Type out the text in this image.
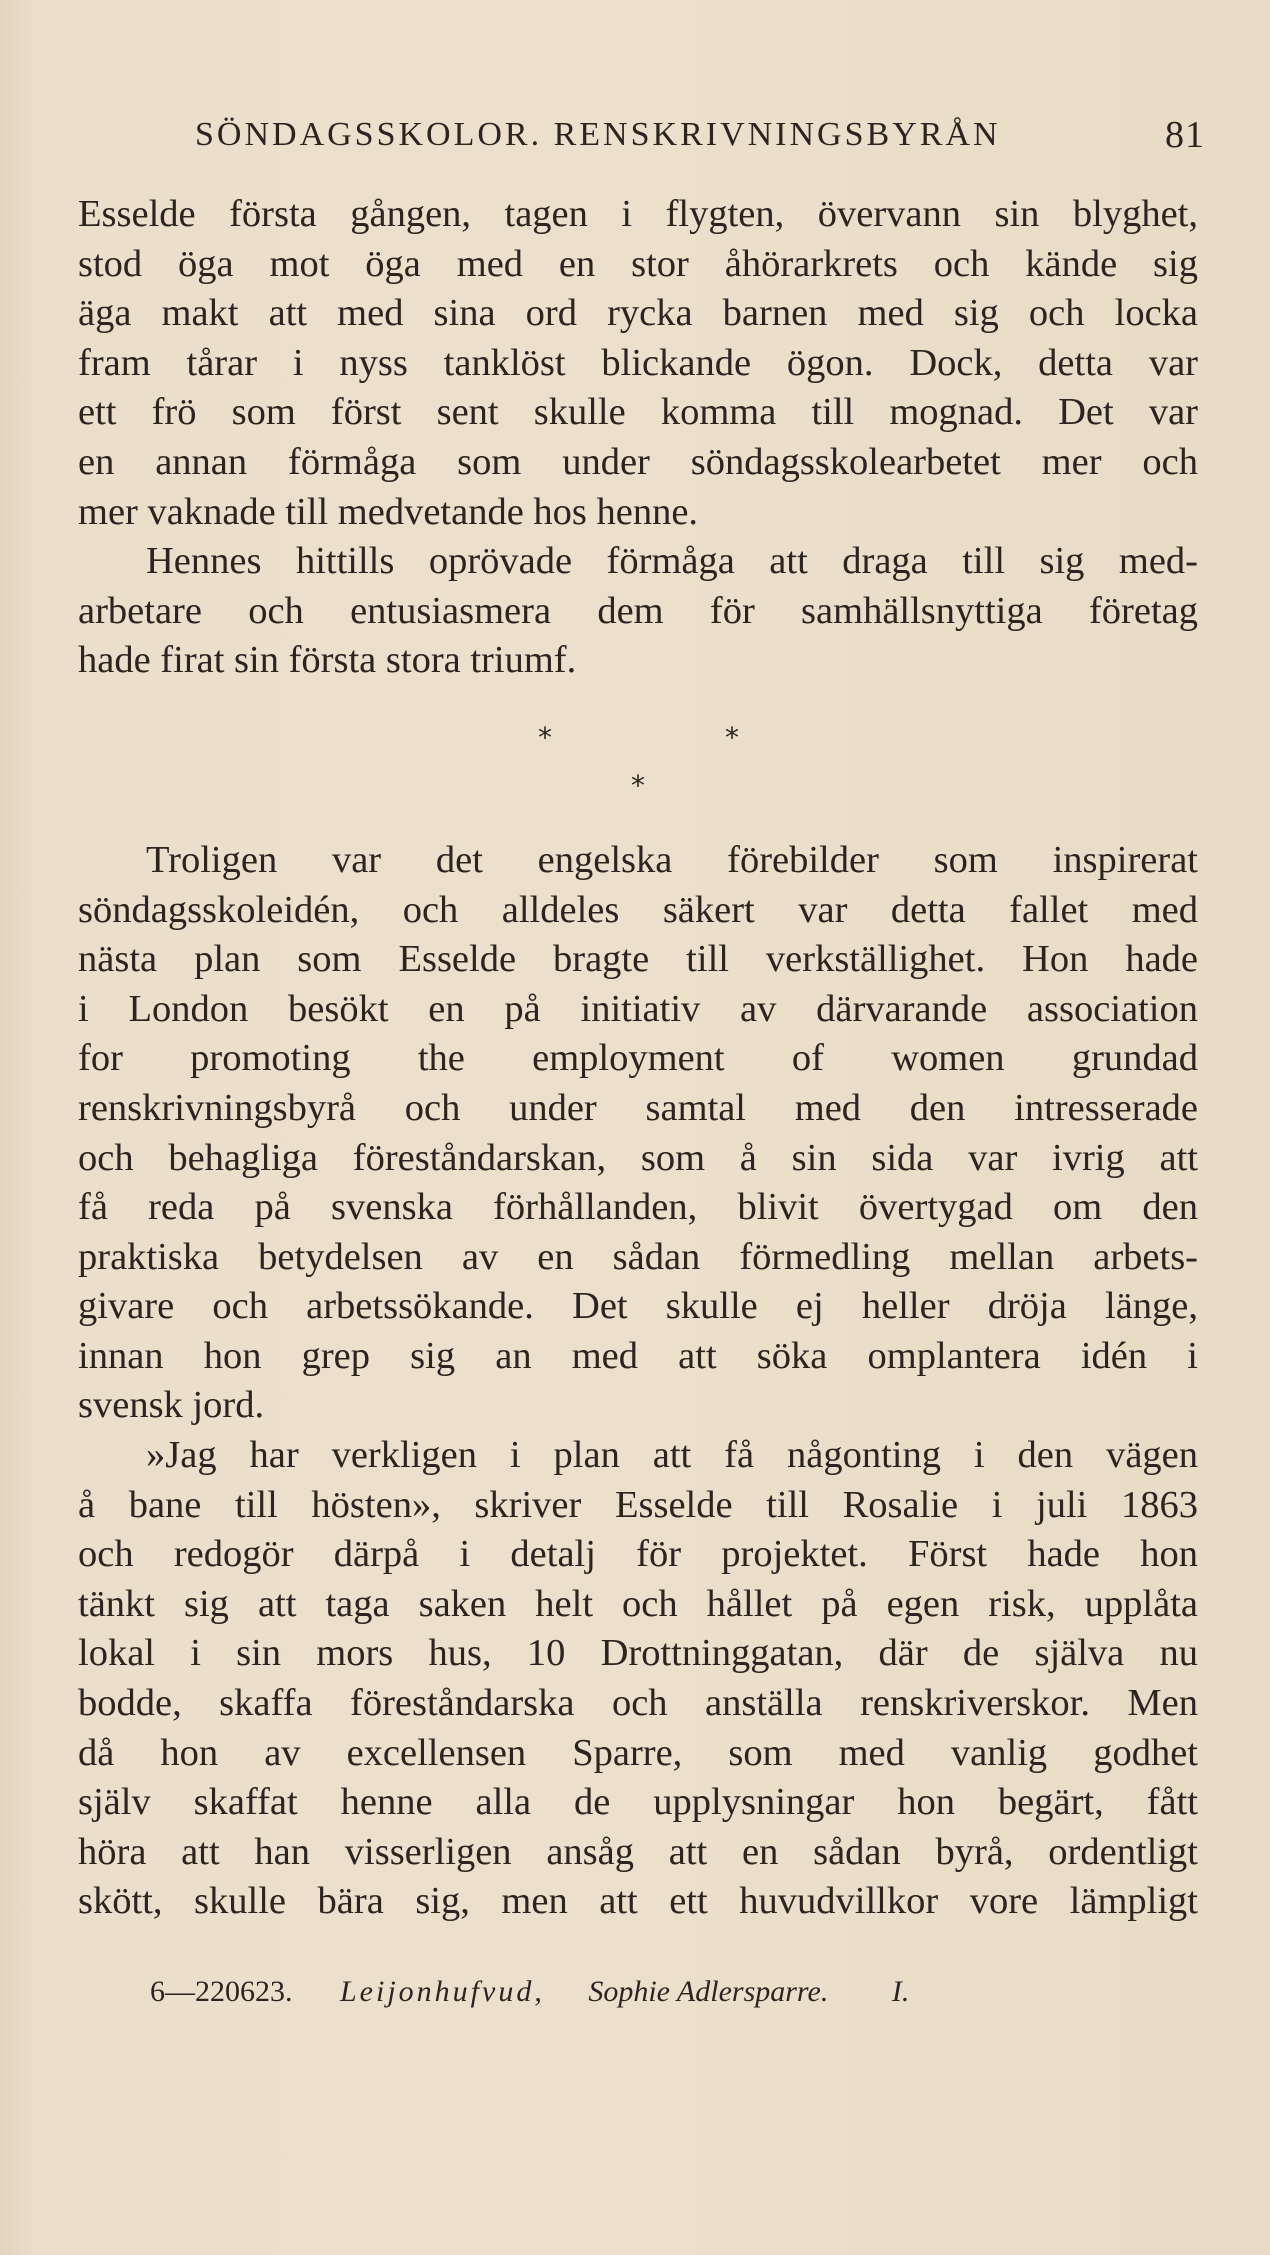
SÖNDAGSSKOLOR. RENSKRIVNINGSBYRÅN	81
Esselde första gången, tagen i flygten, övervann sin blyghet,
stod öga mot öga med en stor åhörarkrets och kände sig
äga makt att med sina ord rycka barnen med sig och locka
fram tårar i nyss tanklöst blickande ögon. Dock, detta var
ett frö som först sent skulle komma till mognad. Det var
en annan förmåga som under söndagsskolearbetet mer och
mer vaknade till medvetande hos henne.
Hennes hittills oprövade förmåga att draga till sig med-
arbetare och entusiasmera dem för samhällsnyttiga företag
hade firat sin första stora triumf.
*	*
*
Troligen var det engelska förebilder som inspirerat
söndagsskoleidén, och alldeles säkert var detta fallet med
nästa plan som Esselde bragte till verkställighet. Hon hade
i London besökt en på initiativ av därvarande association
for promoting the employment of women grundad
renskrivningsbyrå och under samtal med den intresserade
och behagliga föreståndarskan, som å sin sida var ivrig att
få reda på svenska förhållanden, blivit övertygad om den
praktiska betydelsen av en sådan förmedling mellan arbets-
givare och arbetssökande. Det skulle ej heller dröja länge,
innan hon grep sig an med att söka omplantera idén i
svensk jord.
»Jag har verkligen i plan att få någonting i den vägen
å bane till hösten», skriver Esselde till Rosalie i juli 1863
och redogör därpå i detalj för projektet. Först hade hon
tänkt sig att taga saken helt och hållet på egen risk, upplåta
lokal i sin mors hus, 10 Drottninggatan, där de själva nu
bodde, skaffa föreståndarska och anställa renskriverskor. Men
då hon av excellensen Sparre, som med vanlig godhet
själv skaffat henne alla de upplysningar hon begärt, fått
höra att han visserligen ansåg att en sådan byrå, ordentligt
skött, skulle bära sig, men att ett huvudvillkor vore lämpligt
6—220623. Leijonhufvud, Sophie Adlersparre. I.
